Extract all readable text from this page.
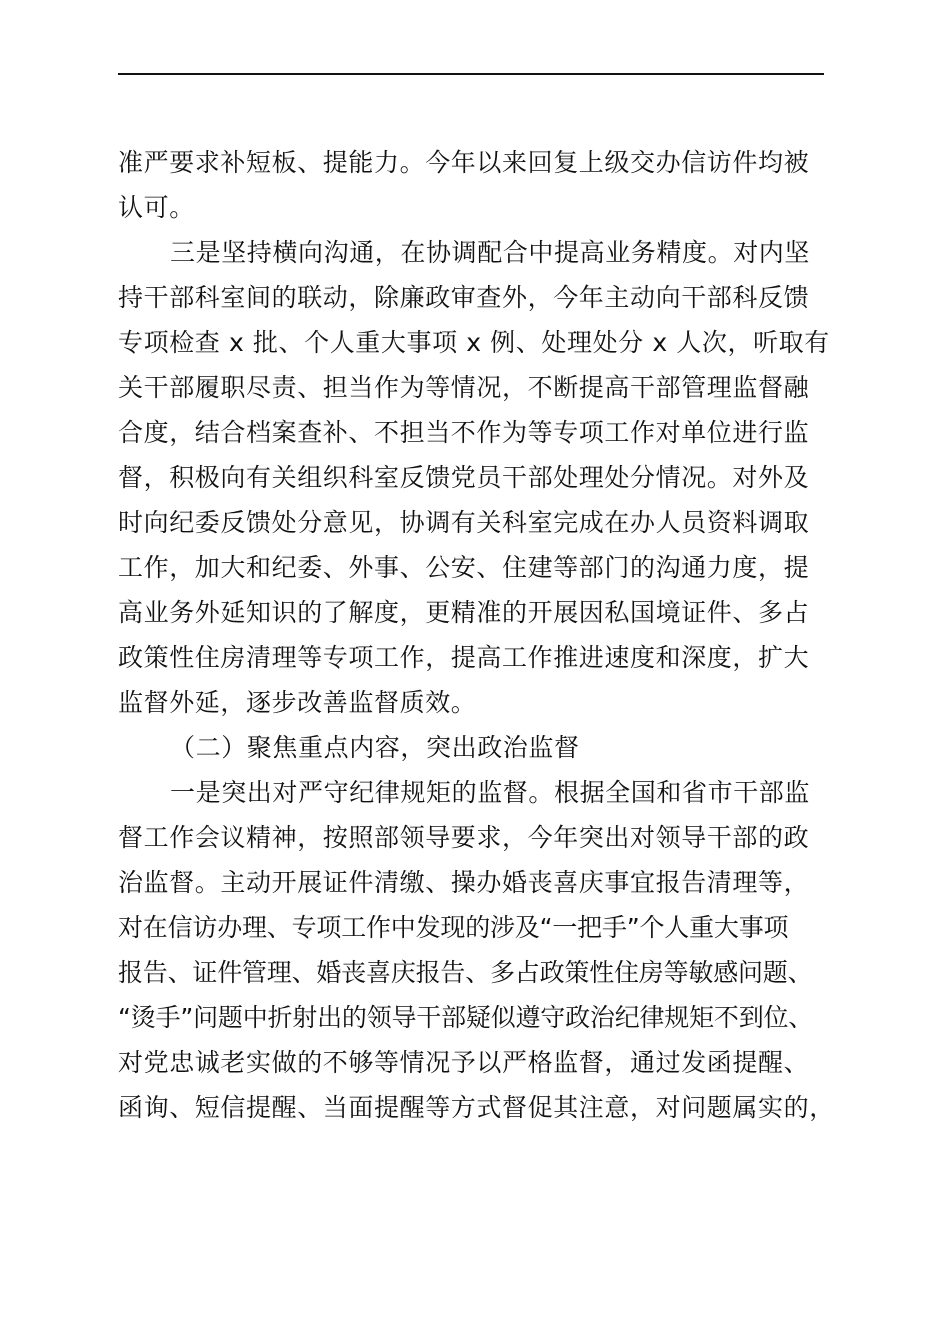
准严要求补短板、提能力。今年以来回复上级交办信访件均被
认可。
三是坚持横向沟通，在协调配合中提高业务精度。对内坚
持干部科室间的联动，除廉政审查外，今年主动向干部科反馈
专项检查 x 批、个人重大事项 x 例、处理处分 x 人次，听取有
关干部履职尽责、担当作为等情况，不断提高干部管理监督融
合度，结合档案查补、不担当不作为等专项工作对单位进行监
督，积极向有关组织科室反馈党员干部处理处分情况。对外及
时向纪委反馈处分意见，协调有关科室完成在办人员资料调取
工作，加大和纪委、外事、公安、住建等部门的沟通力度，提
高业务外延知识的了解度，更精准的开展因私国境证件、多占
政策性住房清理等专项工作，提高工作推进速度和深度，扩大
监督外延，逐步改善监督质效。
（二）聚焦重点内容，突出政治监督
一是突出对严守纪律规矩的监督。根据全国和省市干部监
督工作会议精神，按照部领导要求，今年突出对领导干部的政
治监督。主动开展证件清缴、操办婚丧喜庆事宜报告清理等，
对在信访办理、专项工作中发现的涉及“一把手”个人重大事项
报告、证件管理、婚丧喜庆报告、多占政策性住房等敏感问题、
“烫手”问题中折射出的领导干部疑似遵守政治纪律规矩不到位、
对党忠诚老实做的不够等情况予以严格监督，通过发函提醒、
函询、短信提醒、当面提醒等方式督促其注意，对问题属实的，
